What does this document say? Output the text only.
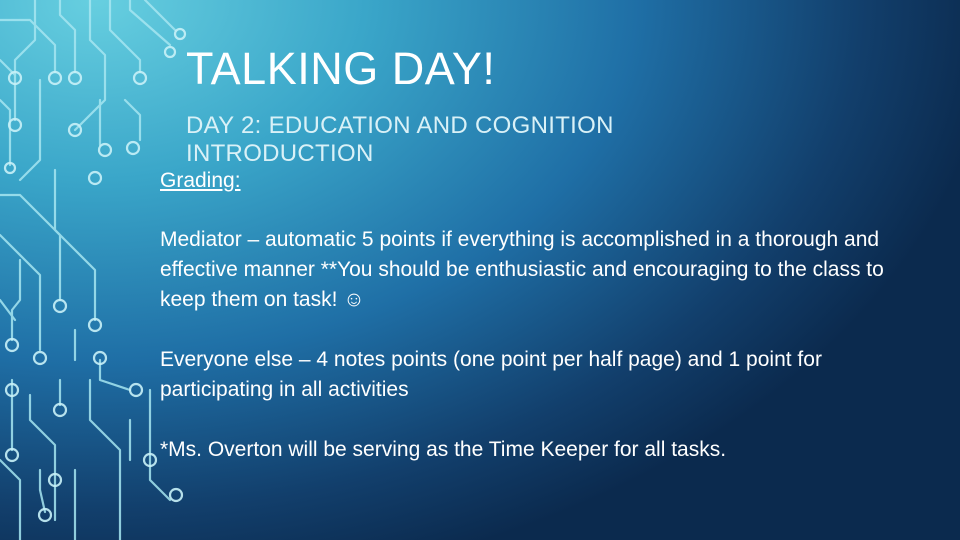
TALKING DAY!
DAY 2: EDUCATION AND COGNITION
INTRODUCTION
Grading:
Mediator – automatic 5 points if everything is accomplished in a thorough and effective manner **You should be enthusiastic and encouraging to the class to keep them on task! ☺
Everyone else – 4 notes points (one point per half page) and 1 point for participating in all activities
*Ms. Overton will be serving as the Time Keeper for all tasks.
